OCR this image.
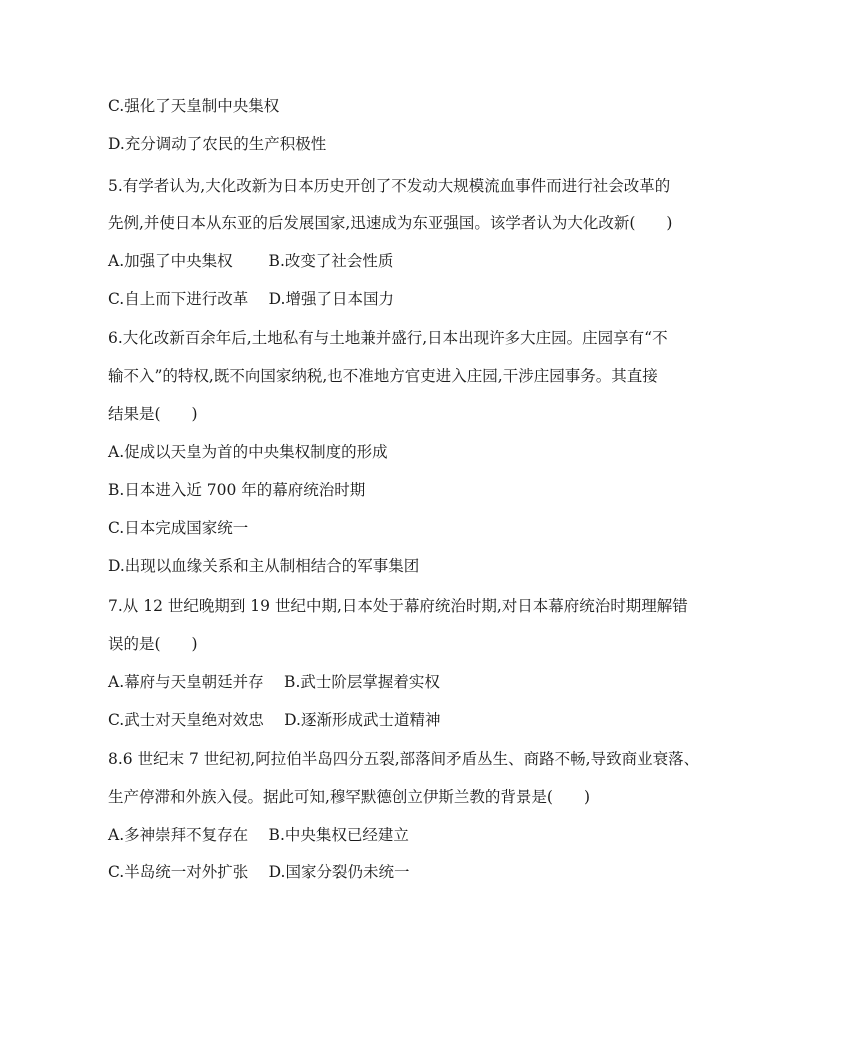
C.强化了天皇制中央集权
D.充分调动了农民的生产积极性
5.有学者认为,大化改新为日本历史开创了不发动大规模流血事件而进行社会改革的
先例,并使日本从东亚的后发展国家,迅速成为东亚强国。该学者认为大化改新(　　)
A.加强了中央集权　　 B.改变了社会性质
C.自上而下进行改革　 D.增强了日本国力
6.大化改新百余年后,土地私有与土地兼并盛行,日本出现许多大庄园。庄园享有“不
输不入”的特权,既不向国家纳税,也不准地方官吏进入庄园,干涉庄园事务。其直接
结果是(　　)
A.促成以天皇为首的中央集权制度的形成
B.日本进入近 700 年的幕府统治时期
C.日本完成国家统一
D.出现以血缘关系和主从制相结合的军事集团
7.从 12 世纪晚期到 19 世纪中期,日本处于幕府统治时期,对日本幕府统治时期理解错
误的是(　　)
A.幕府与天皇朝廷并存　 B.武士阶层掌握着实权
C.武士对天皇绝对效忠　 D.逐渐形成武士道精神
8.6 世纪末 7 世纪初,阿拉伯半岛四分五裂,部落间矛盾丛生、商路不畅,导致商业衰落、
生产停滞和外族入侵。据此可知,穆罕默德创立伊斯兰教的背景是(　　)
A.多神崇拜不复存在　 B.中央集权已经建立
C.半岛统一对外扩张　 D.国家分裂仍未统一
